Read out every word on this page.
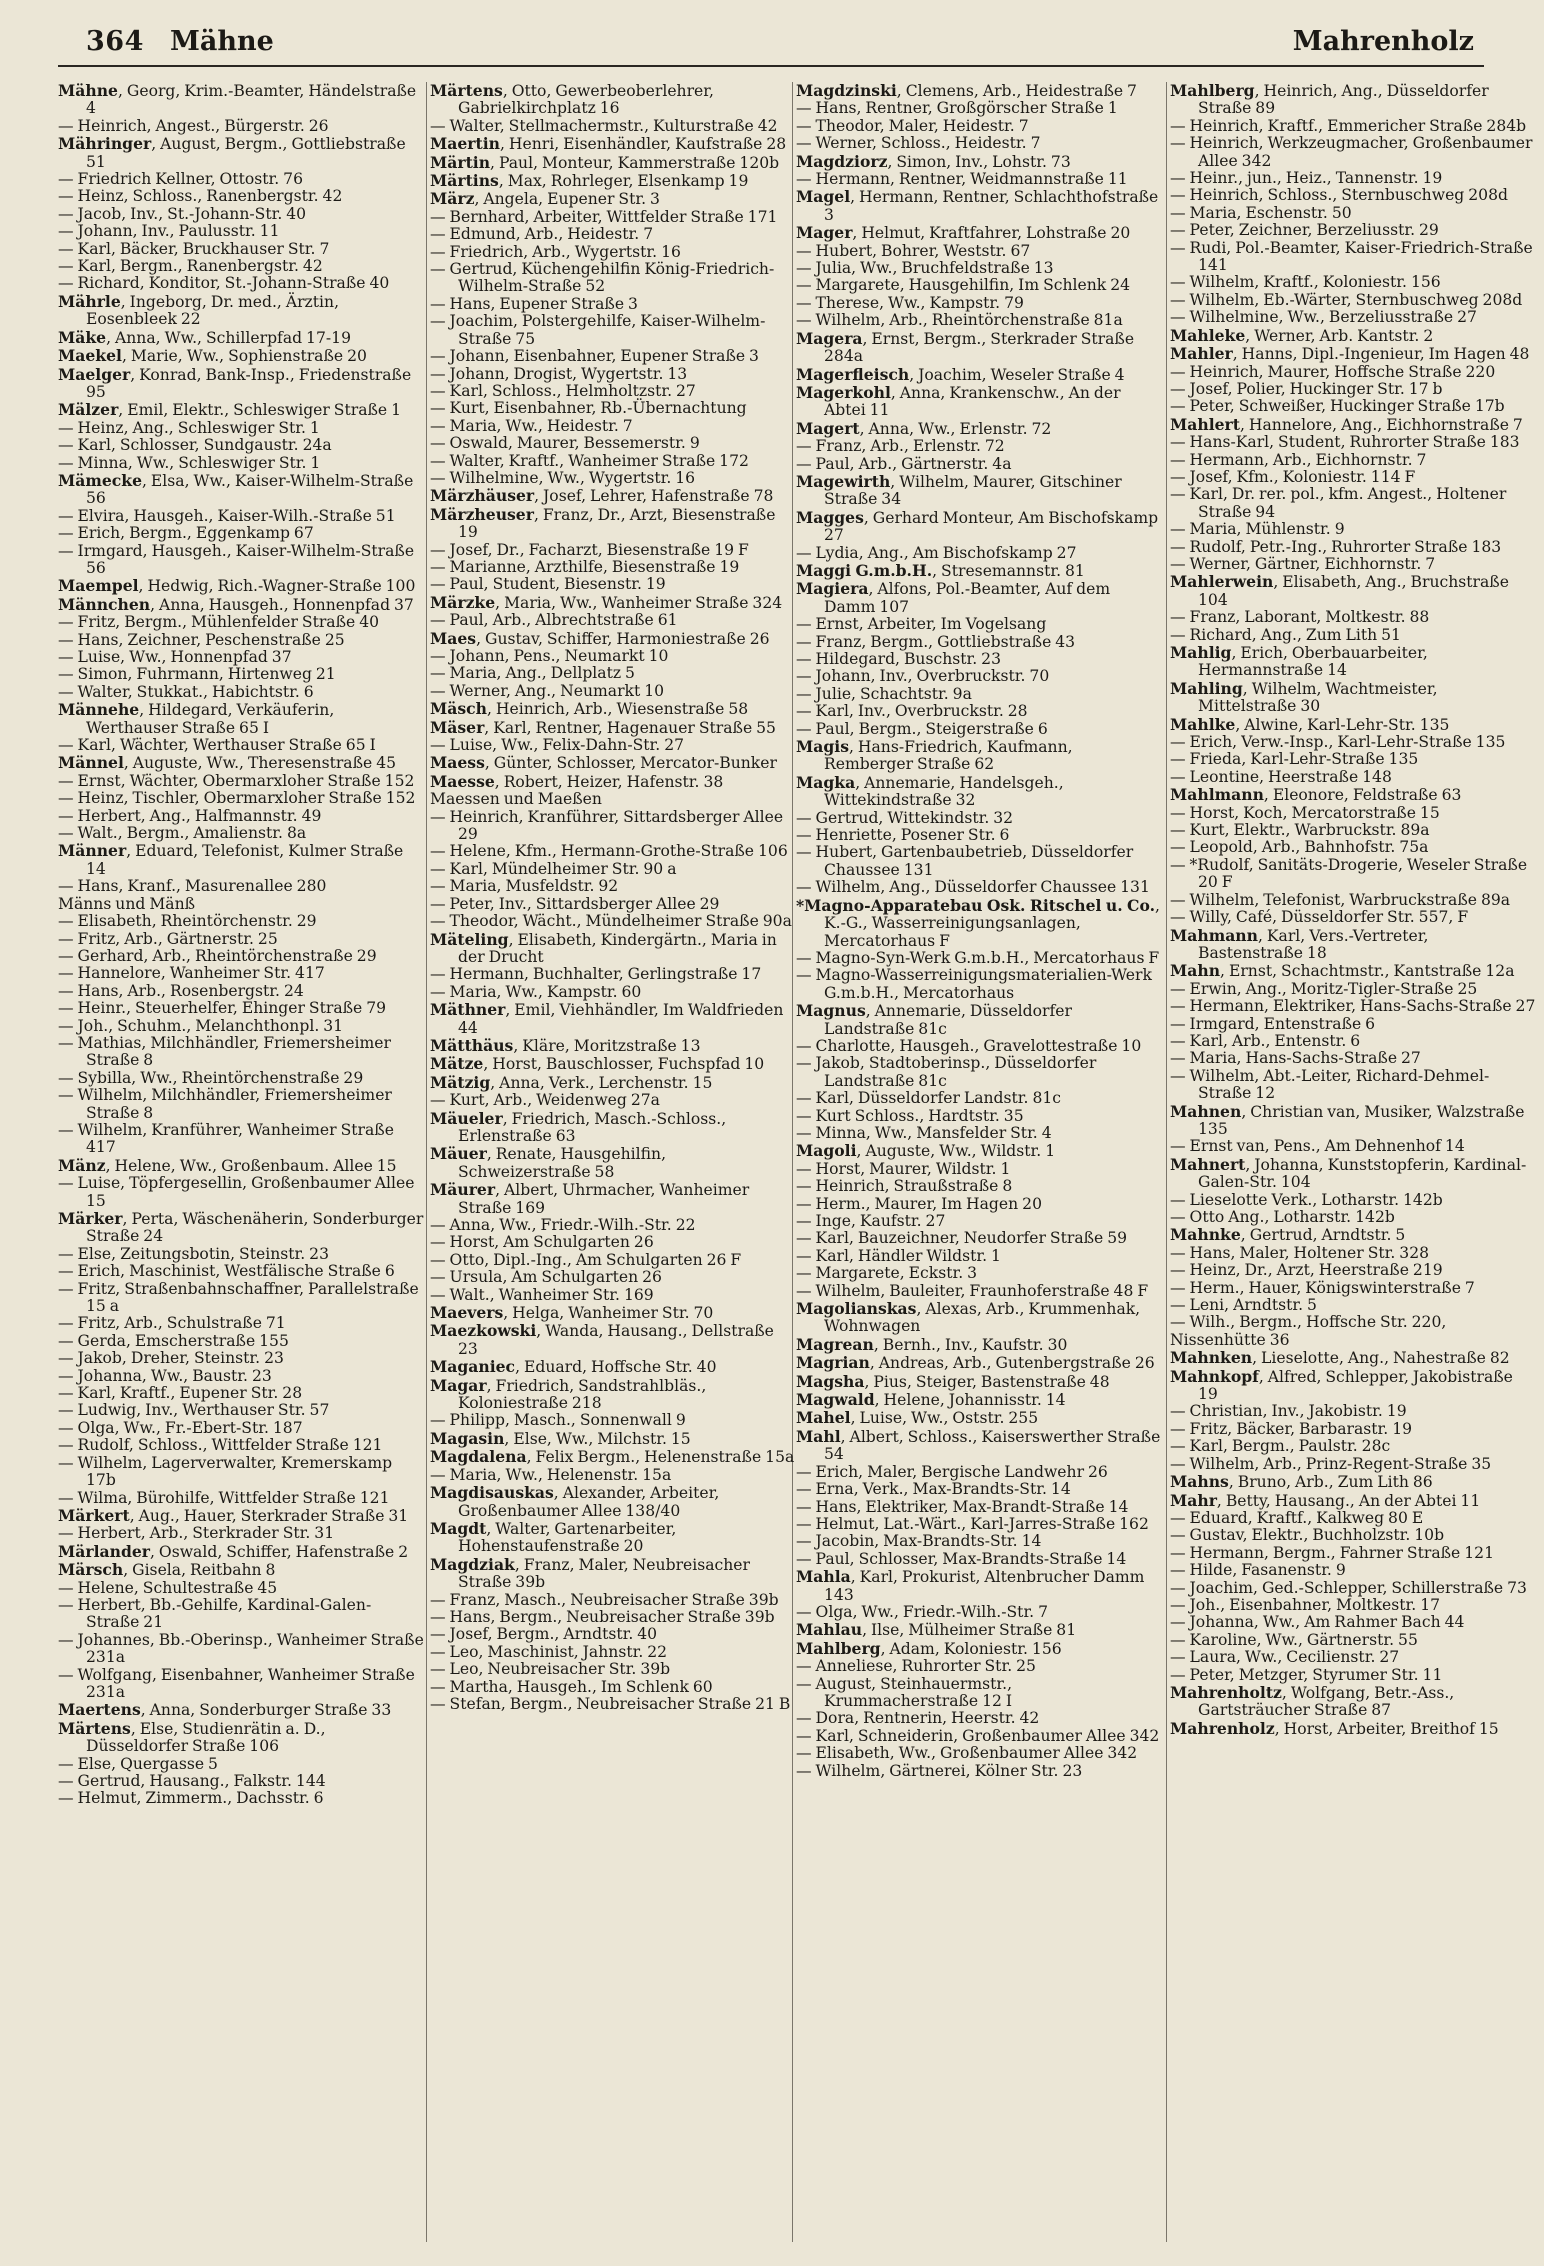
364 Mähne	Mahrenholz
Mähne, Georg, Krim.-Beamter, Händelstraße 4
— Heinrich, Angest., Bürgerstr. 26
Mähringer, August, Bergm., Gottliebstraße 51
— Friedrich Kellner, Ottostr. 76
— Heinz, Schloss., Ranenbergstr. 42
— Jacob, Inv., St.-Johann-Str. 40
— Johann, Inv., Paulusstr. 11
— Karl, Bäcker, Bruckhauser Str. 7
— Karl, Bergm., Ranenbergstr. 42
— Richard, Konditor, St.-Johann-Straße 40
Mährle, Ingeborg, Dr. med., Ärztin, Eosenbleek 22
Mäke, Anna, Ww., Schillerpfad 17-19
Maekel, Marie, Ww., Sophienstraße 20
Maelger, Konrad, Bank-Insp., Friedenstraße 95
Mälzer, Emil, Elektr., Schleswiger Straße 1
— Heinz, Ang., Schleswiger Str. 1
— Karl, Schlosser, Sundgaustr. 24a
— Minna, Ww., Schleswiger Str. 1
Mämecke, Elsa, Ww., Kaiser-Wilhelm-Straße 56
— Elvira, Hausgeh., Kaiser-Wilh.-Straße 51
— Erich, Bergm., Eggenkamp 67
— Irmgard, Hausgeh., Kaiser-Wilhelm-Straße 56
Maempel, Hedwig, Rich.-Wagner-Straße 100
Männchen, Anna, Hausgeh., Honnenpfad 37
— Fritz, Bergm., Mühlenfelder Straße 40
— Hans, Zeichner, Peschenstraße 25
— Luise, Ww., Honnenpfad 37
— Simon, Fuhrmann, Hirtenweg 21
— Walter, Stukkat., Habichtstr. 6
Männehe, Hildegard, Verkäuferin, Werthauser Straße 65 I
— Karl, Wächter, Werthauser Straße 65 I
Männel, Auguste, Ww., Theresenstraße 45
— Ernst, Wächter, Obermarxloher Straße 152
— Heinz, Tischler, Obermarxloher Straße 152
— Herbert, Ang., Halfmannstr. 49
— Walt., Bergm., Amalienstr. 8a
Männer, Eduard, Telefonist, Kulmer Straße 14
— Hans, Kranf., Masurenallee 280
Männs und Mänß
— Elisabeth, Rheintörchenstr. 29
— Fritz, Arb., Gärtnerstr. 25
— Gerhard, Arb., Rheintörchenstraße 29
— Hannelore, Wanheimer Str. 417
— Hans, Arb., Rosenbergstr. 24
— Heinr., Steuerhelfer, Ehinger Straße 79
— Joh., Schuhm., Melanchthonpl. 31
— Mathias, Milchhändler, Friemersheimer Straße 8
— Sybilla, Ww., Rheintörchenstraße 29
— Wilhelm, Milchhändler, Friemersheimer Straße 8
— Wilhelm, Kranführer, Wanheimer Straße 417
Mänz, Helene, Ww., Großenbaum. Allee 15
— Luise, Töpfergesellin, Großenbaumer Allee 15
Märker, Perta, Wäschenäherin, Sonderburger Straße 24
— Else, Zeitungsbotin, Steinstr. 23
— Erich, Maschinist, Westfälische Straße 6
— Fritz, Straßenbahnschaffner, Parallelstraße 15 a
— Fritz, Arb., Schulstraße 71
— Gerda, Emscherstraße 155
— Jakob, Dreher, Steinstr. 23
— Johanna, Ww., Baustr. 23
— Karl, Kraftf., Eupener Str. 28
— Ludwig, Inv., Werthauser Str. 57
— Olga, Ww., Fr.-Ebert-Str. 187
— Rudolf, Schloss., Wittfelder Straße 121
— Wilhelm, Lagerverwalter, Kremerskamp 17b
— Wilma, Bürohilfe, Wittfelder Straße 121
Märkert, Aug., Hauer, Sterkrader Straße 31
— Herbert, Arb., Sterkrader Str. 31
Märlander, Oswald, Schiffer, Hafenstraße 2
Märsch, Gisela, Reitbahn 8
— Helene, Schultestraße 45
— Herbert, Bb.-Gehilfe, Kardinal-Galen-Straße 21
— Johannes, Bb.-Oberinsp., Wanheimer Straße 231a
— Wolfgang, Eisenbahner, Wanheimer Straße 231a
Maertens, Anna, Sonderburger Straße 33
Märtens, Else, Studienrätin a. D., Düsseldorfer Straße 106
— Else, Quergasse 5
— Gertrud, Hausang., Falkstr. 144
— Helmut, Zimmerm., Dachsstr. 6
Märtens, Otto, Gewerbeoberlehrer, Gabrielkirchplatz 16
— Walter, Stellmachermstr., Kulturstraße 42
Maertin, Henri, Eisenhändler, Kaufstraße 28
Märtin, Paul, Monteur, Kammerstraße 120b
Märtins, Max, Rohrleger, Elsenkamp 19
März, Angela, Eupener Str. 3
— Bernhard, Arbeiter, Wittfelder Straße 171
— Edmund, Arb., Heidestr. 7
— Friedrich, Arb., Wygertstr. 16
— Gertrud, Küchengehilfin König-Friedrich-Wilhelm-Straße 52
— Hans, Eupener Straße 3
— Joachim, Polstergehilfe, Kaiser-Wilhelm-Straße 75
— Johann, Eisenbahner, Eupener Straße 3
— Johann, Drogist, Wygertstr. 13
— Karl, Schloss., Helmholtzstr. 27
— Kurt, Eisenbahner, Rb.-Übernachtung
— Maria, Ww., Heidestr. 7
— Oswald, Maurer, Bessemerstr. 9
— Walter, Kraftf., Wanheimer Straße 172
— Wilhelmine, Ww., Wygertstr. 16
Märzhäuser, Josef, Lehrer, Hafenstraße 78
Märzheuser, Franz, Dr., Arzt, Biesenstraße 19
— Josef, Dr., Facharzt, Biesenstraße 19 F
— Marianne, Arzthilfe, Biesenstraße 19
— Paul, Student, Biesenstr. 19
Märzke, Maria, Ww., Wanheimer Straße 324
— Paul, Arb., Albrechtstraße 61
Maes, Gustav, Schiffer, Harmoniestraße 26
— Johann, Pens., Neumarkt 10
— Maria, Ang., Dellplatz 5
— Werner, Ang., Neumarkt 10
Mäsch, Heinrich, Arb., Wiesenstraße 58
Mäser, Karl, Rentner, Hagenauer Straße 55
— Luise, Ww., Felix-Dahn-Str. 27
Maess, Günter, Schlosser, Mercator-Bunker
Maesse, Robert, Heizer, Hafenstr. 38
Maessen und Maeßen
— Heinrich, Kranführer, Sittardsberger Allee 29
— Helene, Kfm., Hermann-Grothe-Straße 106
— Karl, Mündelheimer Str. 90 a
— Maria, Musfeldstr. 92
— Peter, Inv., Sittardsberger Allee 29
— Theodor, Wächt., Mündelheimer Straße 90a
Mäteling, Elisabeth, Kindergärtn., Maria in der Drucht
— Hermann, Buchhalter, Gerlingstraße 17
— Maria, Ww., Kampstr. 60
Mäthner, Emil, Viehhändler, Im Waldfrieden 44
Mätthäus, Kläre, Moritzstraße 13
Mätze, Horst, Bauschlosser, Fuchspfad 10
Mätzig, Anna, Verk., Lerchenstr. 15
— Kurt, Arb., Weidenweg 27a
Mäueler, Friedrich, Masch.-Schloss., Erlenstraße 63
Mäuer, Renate, Hausgehilfin, Schweizerstraße 58
Mäurer, Albert, Uhrmacher, Wanheimer Straße 169
— Anna, Ww., Friedr.-Wilh.-Str. 22
— Horst, Am Schulgarten 26
— Otto, Dipl.-Ing., Am Schulgarten 26 F
— Ursula, Am Schulgarten 26
— Walt., Wanheimer Str. 169
Maevers, Helga, Wanheimer Str. 70
Maezkowski, Wanda, Hausang., Dellstraße 23
Maganiec, Eduard, Hoffsche Str. 40
Magar, Friedrich, Sandstrahlbläs., Koloniestraße 218
— Philipp, Masch., Sonnenwall 9
Magasin, Else, Ww., Milchstr. 15
Magdalena, Felix Bergm., Helenenstraße 15a
— Maria, Ww., Helenenstr. 15a
Magdisauskas, Alexander, Arbeiter, Großenbaumer Allee 138/40
Magdt, Walter, Gartenarbeiter, Hohenstaufenstraße 20
Magdziak, Franz, Maler, Neubreisacher Straße 39b
— Franz, Masch., Neubreisacher Straße 39b
— Hans, Bergm., Neubreisacher Straße 39b
— Josef, Bergm., Arndtstr. 40
— Leo, Maschinist, Jahnstr. 22
— Leo, Neubreisacher Str. 39b
— Martha, Hausgeh., Im Schlenk 60
— Stefan, Bergm., Neubreisacher Straße 21 B
Magdzinski, Clemens, Arb., Heidestraße 7
— Hans, Rentner, Großgörscher Straße 1
— Theodor, Maler, Heidestr. 7
— Werner, Schloss., Heidestr. 7
Magdziorz, Simon, Inv., Lohstr. 73
— Hermann, Rentner, Weidmannstraße 11
Magel, Hermann, Rentner, Schlachthofstraße 3
Mager, Helmut, Kraftfahrer, Lohstraße 20
— Hubert, Bohrer, Weststr. 67
— Julia, Ww., Bruchfeldstraße 13
— Margarete, Hausgehilfin, Im Schlenk 24
— Therese, Ww., Kampstr. 79
— Wilhelm, Arb., Rheintörchenstraße 81a
Magera, Ernst, Bergm., Sterkrader Straße 284a
Magerfleisch, Joachim, Weseler Straße 4
Magerkohl, Anna, Krankenschw., An der Abtei 11
Magert, Anna, Ww., Erlenstr. 72
— Franz, Arb., Erlenstr. 72
— Paul, Arb., Gärtnerstr. 4a
Magewirth, Wilhelm, Maurer, Gitschiner Straße 34
Magges, Gerhard Monteur, Am Bischofskamp 27
— Lydia, Ang., Am Bischofskamp 27
Maggi G.m.b.H., Stresemannstr. 81
Magiera, Alfons, Pol.-Beamter, Auf dem Damm 107
— Ernst, Arbeiter, Im Vogelsang
— Franz, Bergm., Gottliebstraße 43
— Hildegard, Buschstr. 23
— Johann, Inv., Overbruckstr. 70
— Julie, Schachtstr. 9a
— Karl, Inv., Overbruckstr. 28
— Paul, Bergm., Steigerstraße 6
Magis, Hans-Friedrich, Kaufmann, Remberger Straße 62
Magka, Annemarie, Handelsgeh., Wittekindstraße 32
— Gertrud, Wittekindstr. 32
— Henriette, Posener Str. 6
— Hubert, Gartenbaubetrieb, Düsseldorfer Chaussee 131
— Wilhelm, Ang., Düsseldorfer Chaussee 131
*Magno-Apparatebau Osk. Ritschel u. Co., K.-G., Wasserreinigungsanlagen, Mercatorhaus F
— Magno-Syn-Werk G.m.b.H., Mercatorhaus F
— Magno-Wasserreinigungsmaterialien-Werk G.m.b.H., Mercatorhaus
Magnus, Annemarie, Düsseldorfer Landstraße 81c
— Charlotte, Hausgeh., Gravelottestraße 10
— Jakob, Stadtoberinsp., Düsseldorfer Landstraße 81c
— Karl, Düsseldorfer Landstr. 81c
— Kurt Schloss., Hardtstr. 35
— Minna, Ww., Mansfelder Str. 4
Magoli, Auguste, Ww., Wildstr. 1
— Horst, Maurer, Wildstr. 1
— Heinrich, Straußstraße 8
— Herm., Maurer, Im Hagen 20
— Inge, Kaufstr. 27
— Karl, Bauzeichner, Neudorfer Straße 59
— Karl, Händler Wildstr. 1
— Margarete, Eckstr. 3
— Wilhelm, Bauleiter, Fraunhoferstraße 48 F
Magolianskas, Alexas, Arb., Krummenhak, Wohnwagen
Magrean, Bernh., Inv., Kaufstr. 30
Magrian, Andreas, Arb., Gutenbergstraße 26
Magsha, Pius, Steiger, Bastenstraße 48
Magwald, Helene, Johannisstr. 14
Mahel, Luise, Ww., Oststr. 255
Mahl, Albert, Schloss., Kaiserswerther Straße 54
— Erich, Maler, Bergische Landwehr 26
— Erna, Verk., Max-Brandts-Str. 14
— Hans, Elektriker, Max-Brandt-Straße 14
— Helmut, Lat.-Wärt., Karl-Jarres-Straße 162
— Jacobin, Max-Brandts-Str. 14
— Paul, Schlosser, Max-Brandts-Straße 14
Mahla, Karl, Prokurist, Altenbrucher Damm 143
— Olga, Ww., Friedr.-Wilh.-Str. 7
Mahlau, Ilse, Mülheimer Straße 81
Mahlberg, Adam, Koloniestr. 156
— Anneliese, Ruhrorter Str. 25
— August, Steinhauermstr., Krummacherstraße 12 I
— Dora, Rentnerin, Heerstr. 42
— Karl, Schneiderin, Großenbaumer Allee 342
— Elisabeth, Ww., Großenbaumer Allee 342
— Wilhelm, Gärtnerei, Kölner Str. 23
Mahlberg, Heinrich, Ang., Düsseldorfer Straße 89
— Heinrich, Kraftf., Emmericher Straße 284b
— Heinrich, Werkzeugmacher, Großenbaumer Allee 342
— Heinr., jun., Heiz., Tannenstr. 19
— Heinrich, Schloss., Sternbuschweg 208d
— Maria, Eschenstr. 50
— Peter, Zeichner, Berzeliusstr. 29
— Rudi, Pol.-Beamter, Kaiser-Friedrich-Straße 141
— Wilhelm, Kraftf., Koloniestr. 156
— Wilhelm, Eb.-Wärter, Sternbuschweg 208d
— Wilhelmine, Ww., Berzeliusstraße 27
Mahleke, Werner, Arb. Kantstr. 2
Mahler, Hanns, Dipl.-Ingenieur, Im Hagen 48
— Heinrich, Maurer, Hoffsche Straße 220
— Josef, Polier, Huckinger Str. 17 b
— Peter, Schweißer, Huckinger Straße 17b
Mahlert, Hannelore, Ang., Eichhornstraße 7
— Hans-Karl, Student, Ruhrorter Straße 183
— Hermann, Arb., Eichhornstr. 7
— Josef, Kfm., Koloniestr. 114 F
— Karl, Dr. rer. pol., kfm. Angest., Holtener Straße 94
— Maria, Mühlenstr. 9
— Rudolf, Petr.-Ing., Ruhrorter Straße 183
— Werner, Gärtner, Eichhornstr. 7
Mahlerwein, Elisabeth, Ang., Bruchstraße 104
— Franz, Laborant, Moltkestr. 88
— Richard, Ang., Zum Lith 51
Mahlig, Erich, Oberbauarbeiter, Hermannstraße 14
Mahling, Wilhelm, Wachtmeister, Mittelstraße 30
Mahlke, Alwine, Karl-Lehr-Str. 135
— Erich, Verw.-Insp., Karl-Lehr-Straße 135
— Frieda, Karl-Lehr-Straße 135
— Leontine, Heerstraße 148
Mahlmann, Eleonore, Feldstraße 63
— Horst, Koch, Mercatorstraße 15
— Kurt, Elektr., Warbruckstr. 89a
— Leopold, Arb., Bahnhofstr. 75a
— *Rudolf, Sanitäts-Drogerie, Weseler Straße 20 F
— Wilhelm, Telefonist, Warbruckstraße 89a
— Willy, Café, Düsseldorfer Str. 557, F
Mahmann, Karl, Vers.-Vertreter, Bastenstraße 18
Mahn, Ernst, Schachtmstr., Kantstraße 12a
— Erwin, Ang., Moritz-Tigler-Straße 25
— Hermann, Elektriker, Hans-Sachs-Straße 27
— Irmgard, Entenstraße 6
— Karl, Arb., Entenstr. 6
— Maria, Hans-Sachs-Straße 27
— Wilhelm, Abt.-Leiter, Richard-Dehmel-Straße 12
Mahnen, Christian van, Musiker, Walzstraße 135
— Ernst van, Pens., Am Dehnenhof 14
Mahnert, Johanna, Kunststopferin, Kardinal-Galen-Str. 104
— Lieselotte Verk., Lotharstr. 142b
— Otto Ang., Lotharstr. 142b
Mahnke, Gertrud, Arndtstr. 5
— Hans, Maler, Holtener Str. 328
— Heinz, Dr., Arzt, Heerstraße 219
— Herm., Hauer, Königswinterstraße 7
— Leni, Arndtstr. 5
— Wilh., Bergm., Hoffsche Str. 220,
Nissenhütte 36
Mahnken, Lieselotte, Ang., Nahestraße 82
Mahnkopf, Alfred, Schlepper, Jakobistraße 19
— Christian, Inv., Jakobistr. 19
— Fritz, Bäcker, Barbarastr. 19
— Karl, Bergm., Paulstr. 28c
— Wilhelm, Arb., Prinz-Regent-Straße 35
Mahns, Bruno, Arb., Zum Lith 86
Mahr, Betty, Hausang., An der Abtei 11
— Eduard, Kraftf., Kalkweg 80 E
— Gustav, Elektr., Buchholzstr. 10b
— Hermann, Bergm., Fahrner Straße 121
— Hilde, Fasanenstr. 9
— Joachim, Ged.-Schlepper, Schillerstraße 73
— Joh., Eisenbahner, Moltkestr. 17
— Johanna, Ww., Am Rahmer Bach 44
— Karoline, Ww., Gärtnerstr. 55
— Laura, Ww., Cecilienstr. 27
— Peter, Metzger, Styrumer Str. 11
Mahrenholtz, Wolfgang, Betr.-Ass., Gartsträucher Straße 87
Mahrenholz, Horst, Arbeiter, Breithof 15
